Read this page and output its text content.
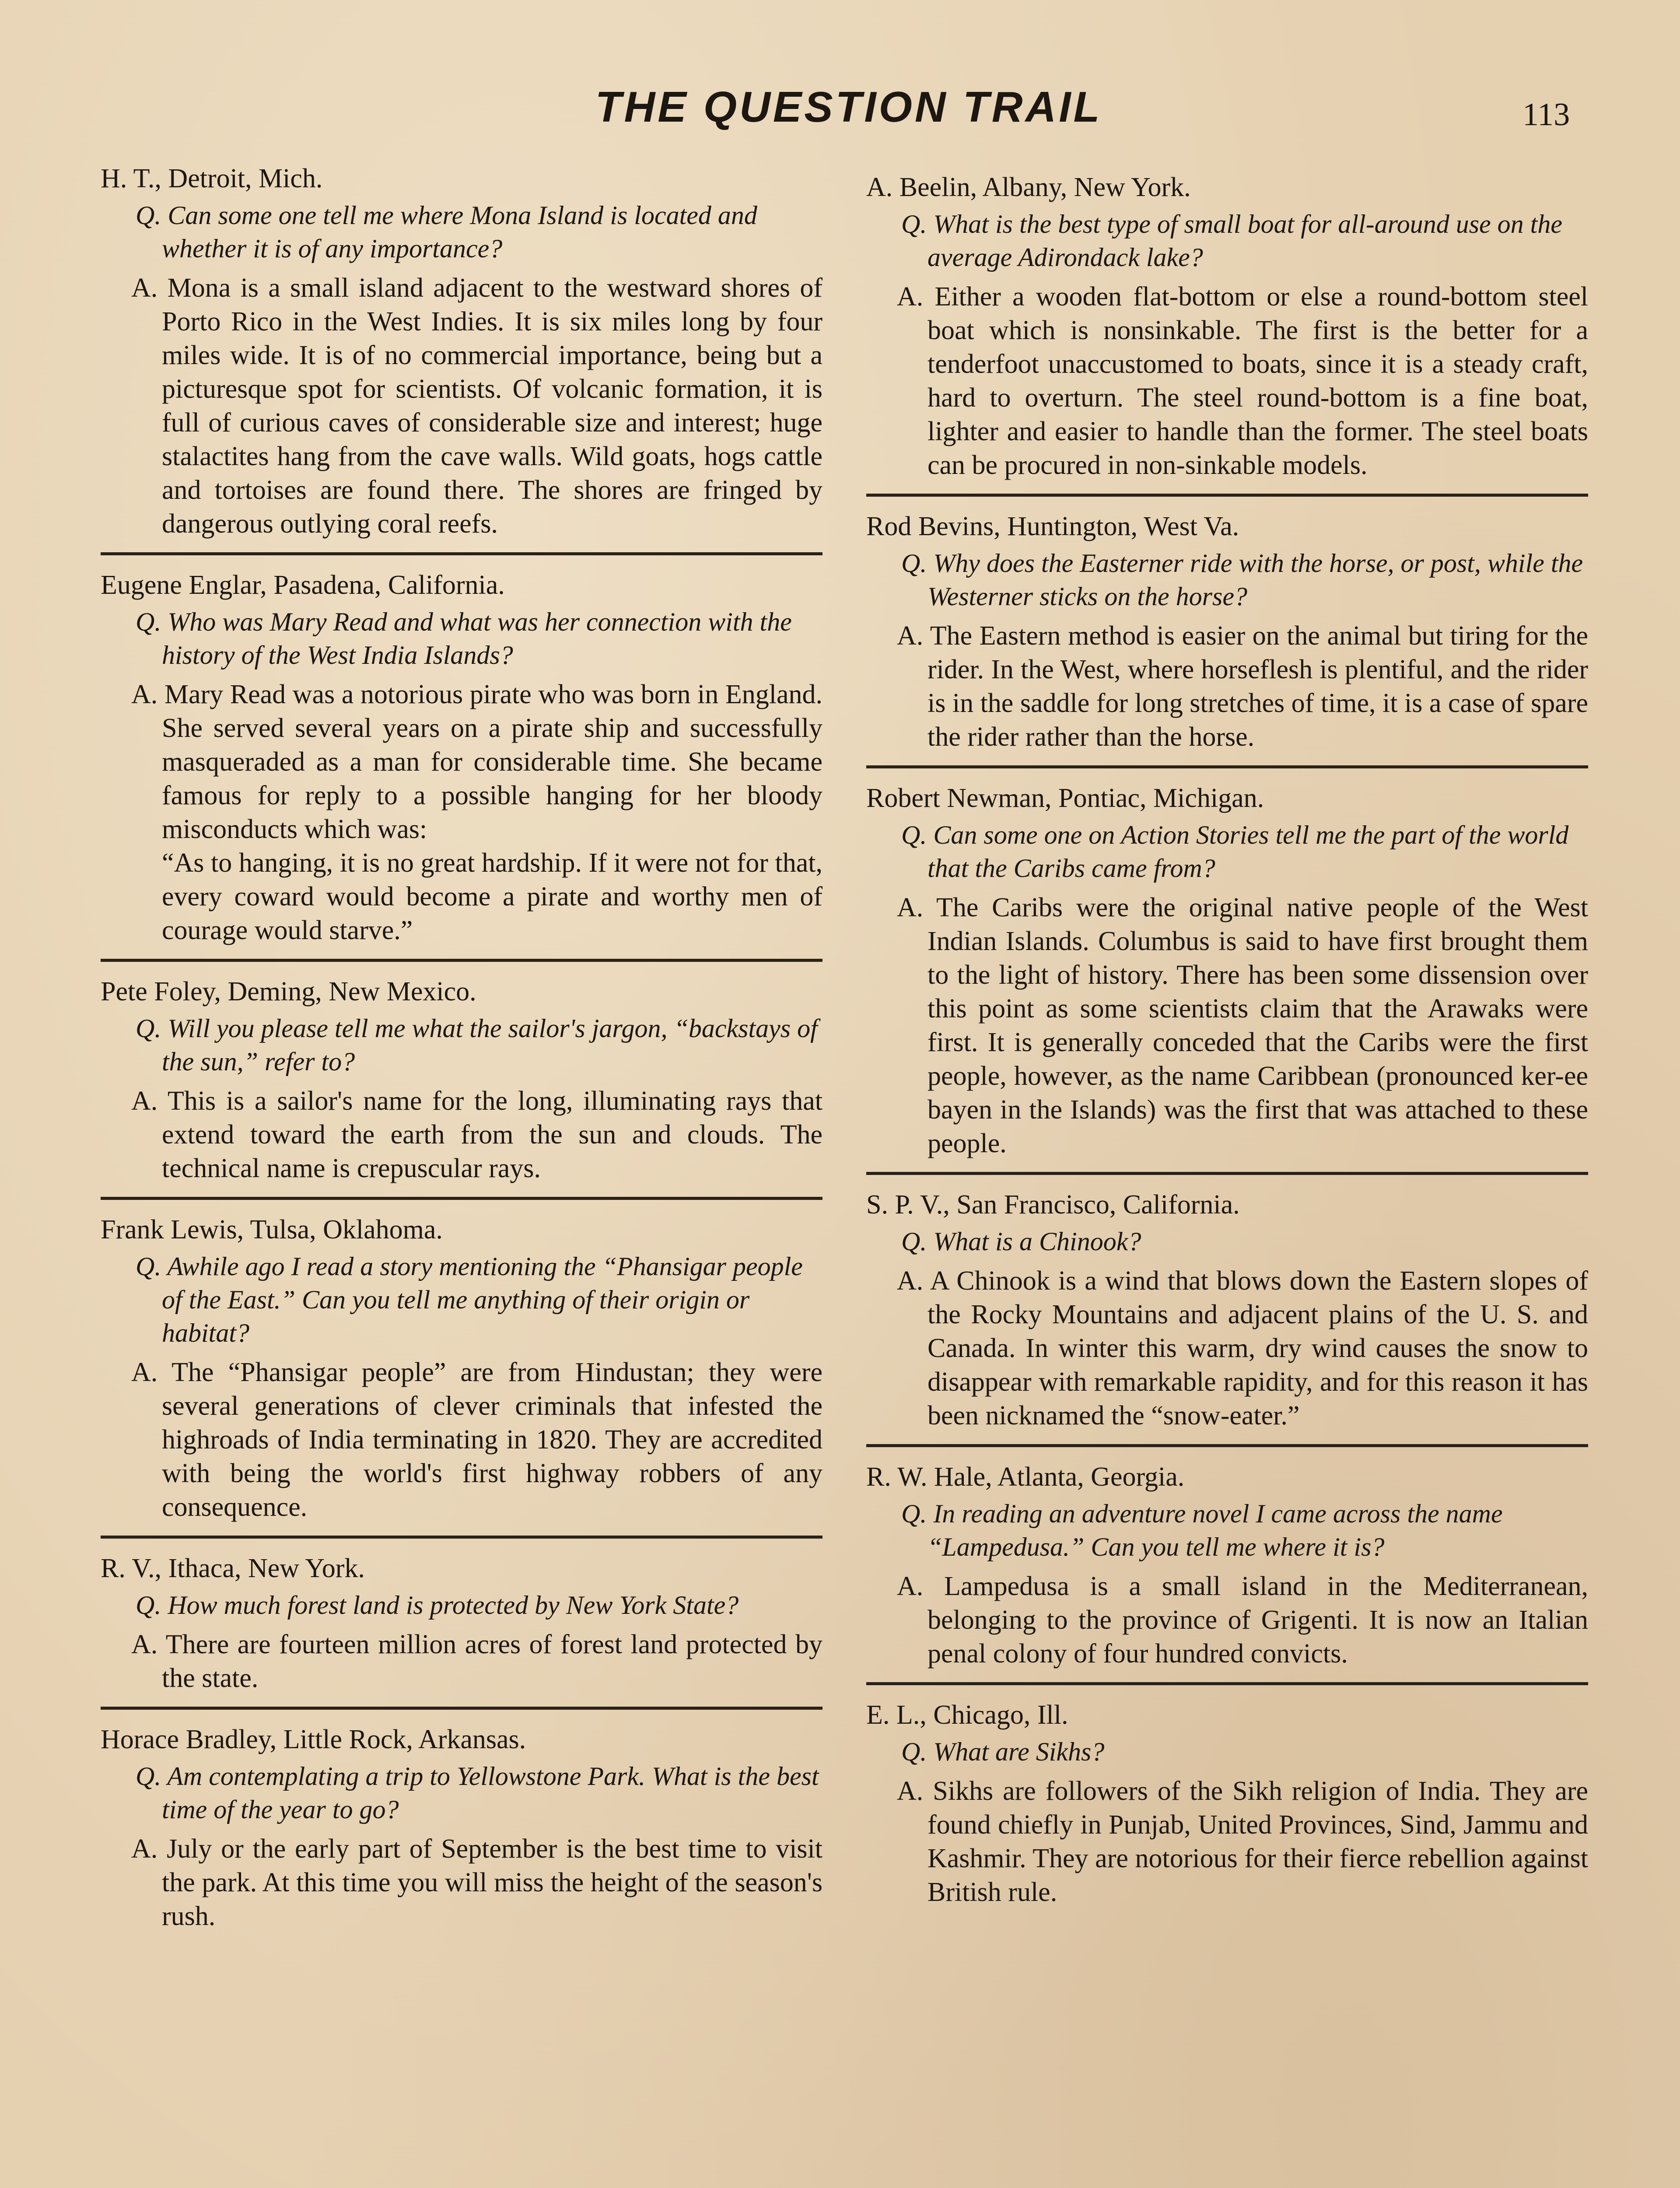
THE QUESTION TRAIL	113

H. T., Detroit, Mich.

Q. Can some one tell me where Mona Island is located and whether it is of any importance?

A. Mona is a small island adjacent to the westward shores of Porto Rico in the West Indies. It is six miles long by four miles wide. It is of no commercial importance, being but a picturesque spot for scientists. Of volcanic formation, it is full of curious caves of considerable size and interest; huge stalactites hang from the cave walls. Wild goats, hogs cattle and tortoises are found there. The shores are fringed by dangerous outlying coral reefs.

Eugene Englar, Pasadena, California.

Q. Who was Mary Read and what was her connection with the history of the West India Islands?

A. Mary Read was a notorious pirate who was born in England. She served several years on a pirate ship and successfully masqueraded as a man for considerable time. She became famous for reply to a possible hanging for her bloody misconducts which was:
“As to hanging, it is no great hardship. If it were not for that, every coward would become a pirate and worthy men of courage would starve.”

Pete Foley, Deming, New Mexico.

Q. Will you please tell me what the sailor's jargon, “backstays of the sun,” refer to?

A. This is a sailor's name for the long, illuminating rays that extend toward the earth from the sun and clouds. The technical name is crepuscular rays.

Frank Lewis, Tulsa, Oklahoma.

Q. Awhile ago I read a story mentioning the “Phansigar people of the East.” Can you tell me anything of their origin or habitat?

A. The “Phansigar people” are from Hindustan; they were several generations of clever criminals that infested the highroads of India terminating in 1820. They are accredited with being the world's first highway robbers of any consequence.

R. V., Ithaca, New York.

Q. How much forest land is protected by New York State?

A. There are fourteen million acres of forest land protected by the state.

Horace Bradley, Little Rock, Arkansas.

Q. Am contemplating a trip to Yellowstone Park. What is the best time of the year to go?

A. July or the early part of September is the best time to visit the park. At this time you will miss the height of the season's rush.

A. Beelin, Albany, New York.

Q. What is the best type of small boat for all-around use on the average Adirondack lake?

A. Either a wooden flat-bottom or else a round-bottom steel boat which is nonsinkable. The first is the better for a tenderfoot unaccustomed to boats, since it is a steady craft, hard to overturn. The steel round-bottom is a fine boat, lighter and easier to handle than the former. The steel boats can be procured in non-sinkable models.

Rod Bevins, Huntington, West Va.

Q. Why does the Easterner ride with the horse, or post, while the Westerner sticks on the horse?

A. The Eastern method is easier on the animal but tiring for the rider. In the West, where horseflesh is plentiful, and the rider is in the saddle for long stretches of time, it is a case of spare the rider rather than the horse.

Robert Newman, Pontiac, Michigan.

Q. Can some one on Action Stories tell me the part of the world that the Caribs came from?

A. The Caribs were the original native people of the West Indian Islands. Columbus is said to have first brought them to the light of history. There has been some dissension over this point as some scientists claim that the Arawaks were first. It is generally conceded that the Caribs were the first people, however, as the name Caribbean (pronounced ker-ee bayen in the Islands) was the first that was attached to these people.

S. P. V., San Francisco, California.

Q. What is a Chinook?

A. A Chinook is a wind that blows down the Eastern slopes of the Rocky Mountains and adjacent plains of the U. S. and Canada. In winter this warm, dry wind causes the snow to disappear with remarkable rapidity, and for this reason it has been nicknamed the “snow-eater.”

R. W. Hale, Atlanta, Georgia.

Q. In reading an adventure novel I came across the name “Lampedusa.” Can you tell me where it is?

A. Lampedusa is a small island in the Mediterranean, belonging to the province of Grigenti. It is now an Italian penal colony of four hundred convicts.

E. L., Chicago, Ill.

Q. What are Sikhs?

A. Sikhs are followers of the Sikh religion of India. They are found chiefly in Punjab, United Provinces, Sind, Jammu and Kashmir. They are notorious for their fierce rebellion against British rule.
